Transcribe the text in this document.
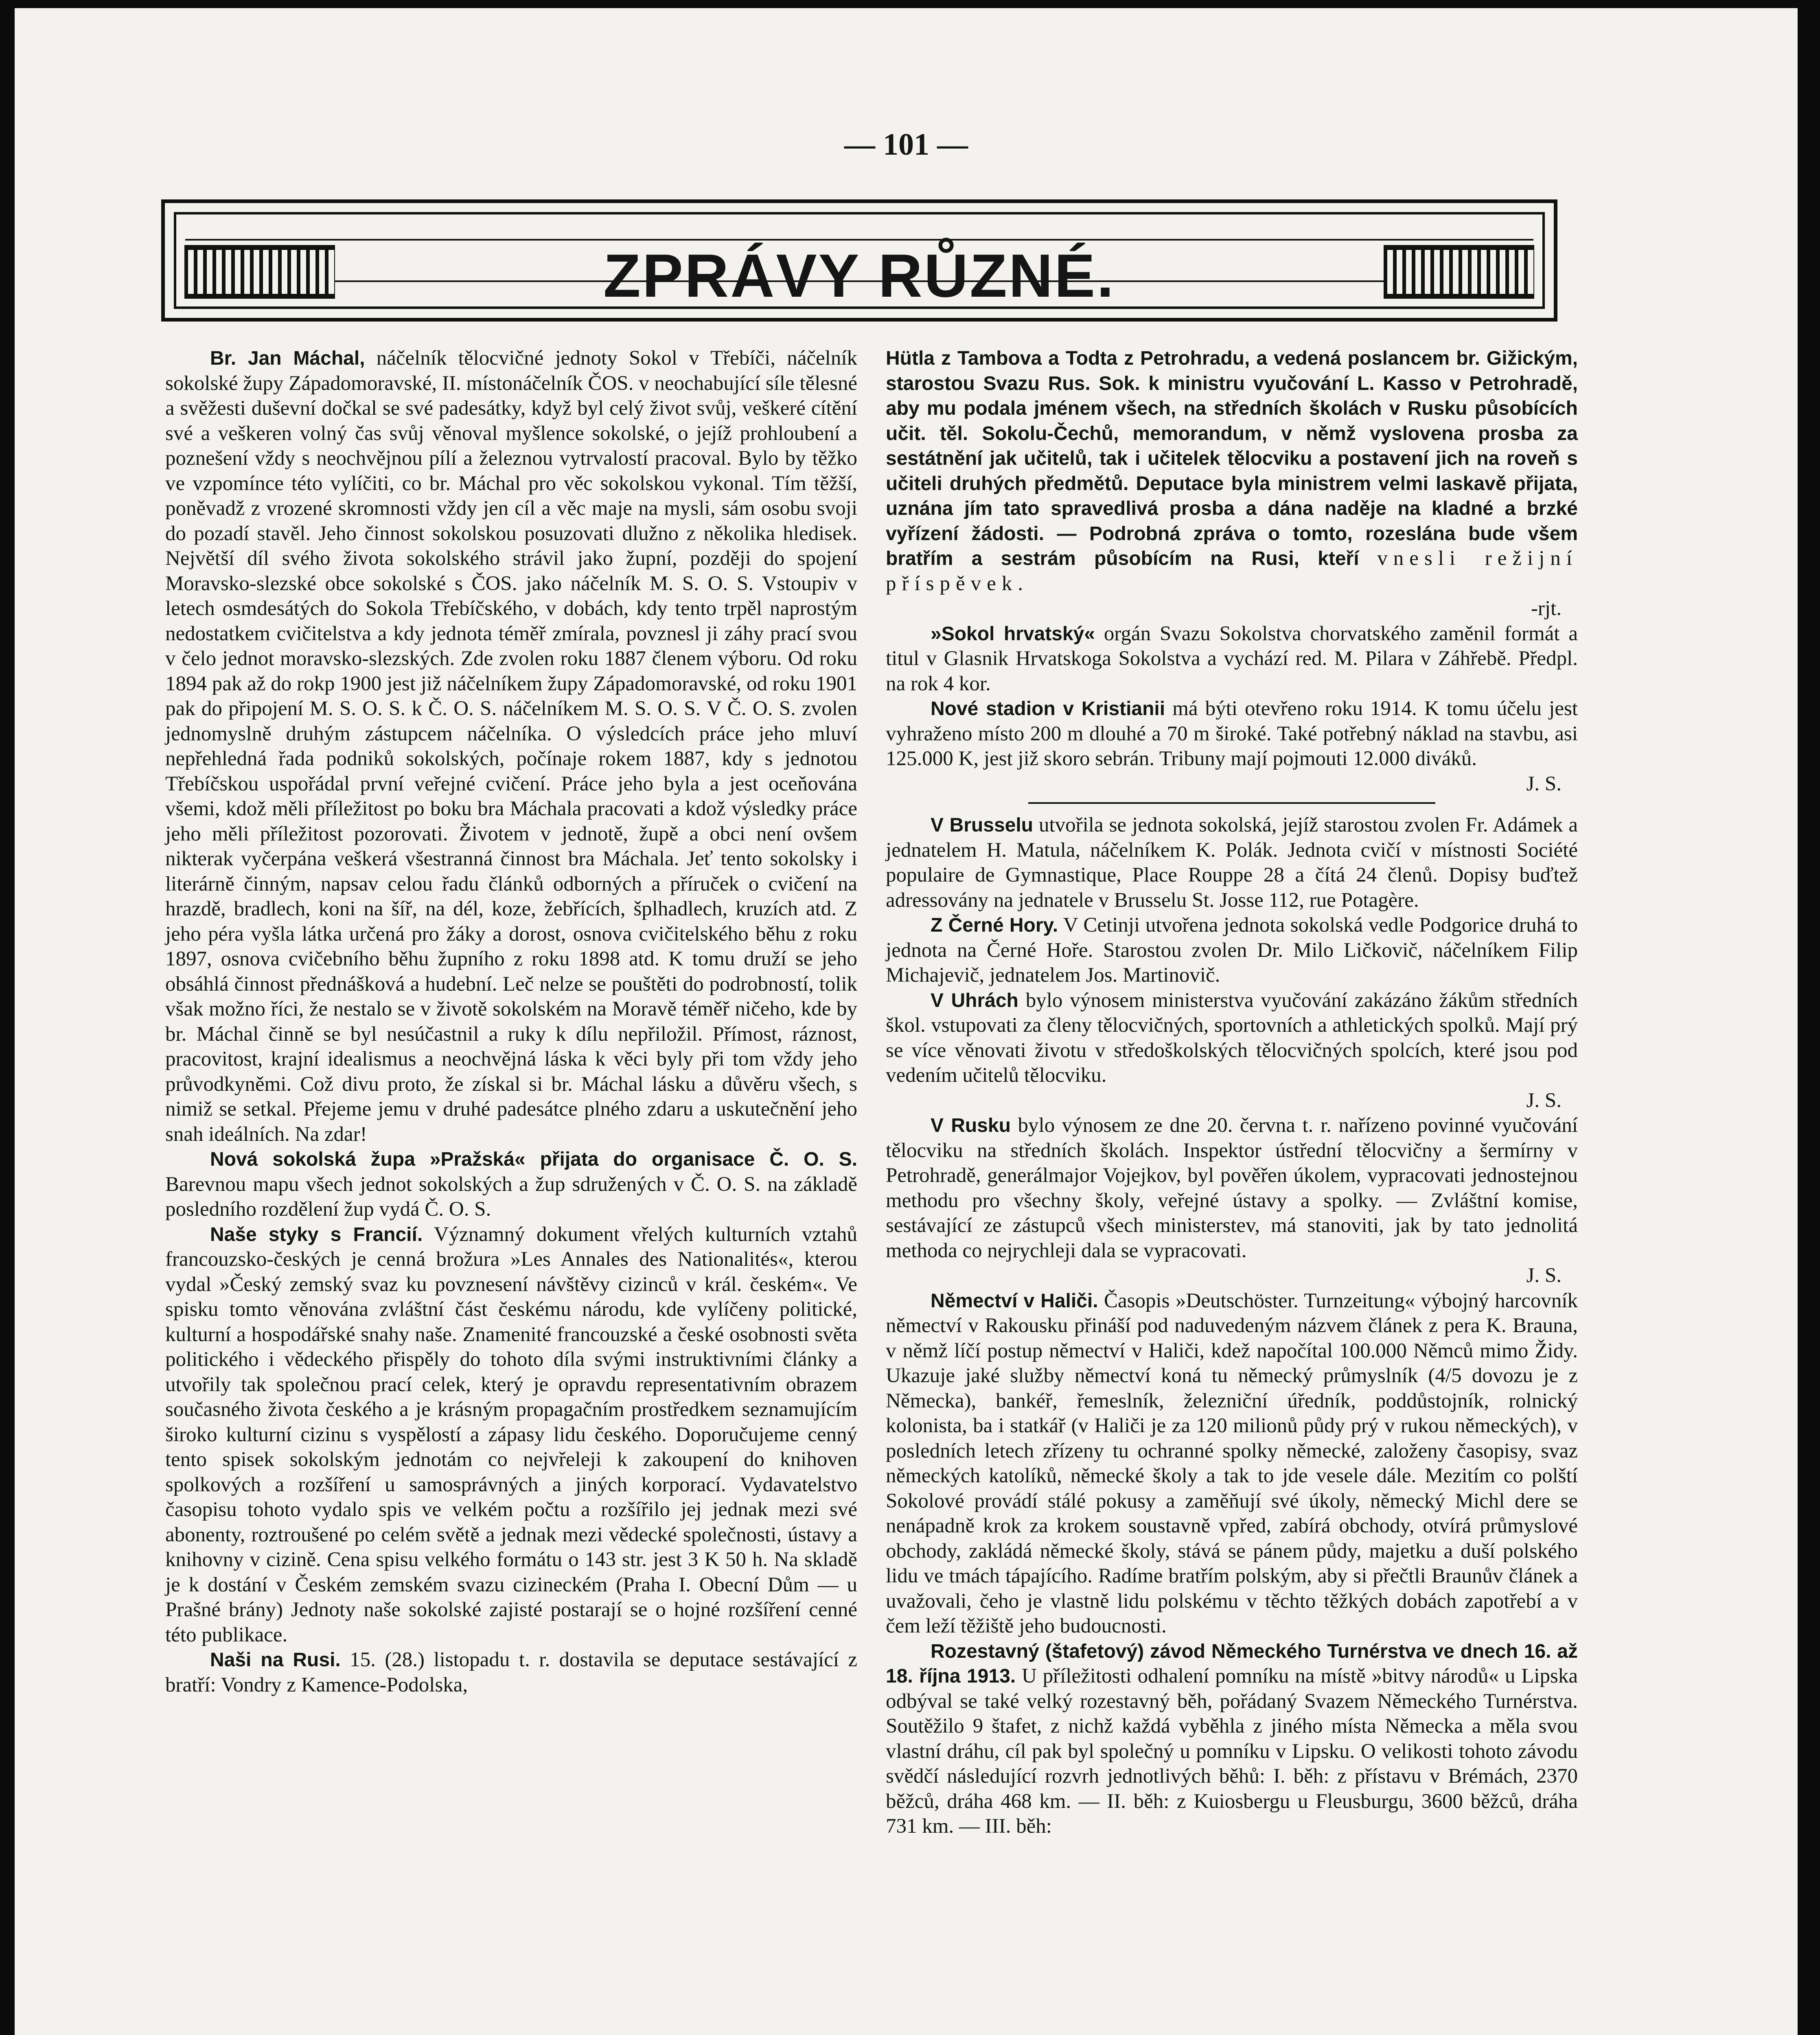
— 101 —
ZPRÁVY RŮZNÉ.

Br. Jan Máchal, náčelník tělocvičné jednoty Sokol v Třebíči, náčelník sokolské župy Západomoravské, II. místonáčelník ČOS. v neochabující síle tělesné a svěžesti duševní dočkal se své padesátky, když byl celý život svůj, veškeré cítění své a veškeren volný čas svůj věnoval myšlence sokolské, o jejíž prohloubení a poznešení vždy s neochvějnou pílí a železnou vytrvalostí pracoval. Bylo by těžko ve vzpomínce této vylíčiti, co br. Máchal pro věc sokolskou vykonal. Tím těžší, poněvadž z vrozené skromnosti vždy jen cíl a věc maje na mysli, sám osobu svoji do pozadí stavěl. Jeho činnost sokolskou posuzovati dlužno z několika hledisek. Největší díl svého života sokolského strávil jako župní, později do spojení Moravsko-slezské obce sokolské s ČOS. jako náčelník M. S. O. S. Vstoupiv v letech osmdesátých do Sokola Třebíčského, v dobách, kdy tento trpěl naprostým nedostatkem cvičitelstva a kdy jednota téměř zmírala, povznesl ji záhy prací svou v čelo jednot moravsko-slezských. Zde zvolen roku 1887 členem výboru. Od roku 1894 pak až do rokp 1900 jest již náčelníkem župy Západomoravské, od roku 1901 pak do připojení M. S. O. S. k Č. O. S. náčelníkem M. S. O. S. V Č. O. S. zvolen jednomyslně druhým zástupcem náčelníka. O výsledcích práce jeho mluví nepřehledná řada podniků sokolských, počínaje rokem 1887, kdy s jednotou Třebíčskou uspořádal první veřejné cvičení. Práce jeho byla a jest oceňována všemi, kdož měli příležitost po boku bra Máchala pracovati a kdož výsledky práce jeho měli příležitost pozorovati. Životem v jednotě, župě a obci není ovšem nikterak vyčerpána veškerá všestranná činnost bra Máchala. Jeť tento sokolsky i literárně činným, napsav celou řadu článků odborných a příruček o cvičení na hrazdě, bradlech, koni na šíř, na dél, koze, žebřících, šplhadlech, kruzích atd. Z jeho péra vyšla látka určená pro žáky a dorost, osnova cvičitelského běhu z roku 1897, osnova cvičebního běhu župního z roku 1898 atd. K tomu druží se jeho obsáhlá činnost přednášková a hudební. Leč nelze se pouštěti do podrobností, tolik však možno říci, že nestalo se v životě sokolském na Moravě téměř ničeho, kde by br. Máchal činně se byl nesúčastnil a ruky k dílu nepřiložil. Přímost, ráznost, pracovitost, krajní idealismus a neochvějná láska k věci byly při tom vždy jeho průvodkyněmi. Což divu proto, že získal si br. Máchal lásku a důvěru všech, s nimiž se setkal. Přejeme jemu v druhé padesátce plného zdaru a uskutečnění jeho snah ideálních. Na zdar!

Nová sokolská župa »Pražská« přijata do organisace Č. O. S. Barevnou mapu všech jednot sokolských a žup sdružených v Č. O. S. na základě posledního rozdělení žup vydá Č. O. S.

Naše styky s Francií. Významný dokument vřelých kulturních vztahů francouzsko-českých je cenná brožura »Les Annales des Nationalités«, kterou vydal »Český zemský svaz ku povznesení návštěvy cizinců v král. českém«. Ve spisku tomto věnována zvláštní část českému národu, kde vylíčeny politické, kulturní a hospodářské snahy naše. Znamenité francouzské a české osobnosti světa politického i vědeckého přispěly do tohoto díla svými instruktivními články a utvořily tak společnou prací celek, který je opravdu representativním obrazem současného života českého a je krásným propagačním prostředkem seznamujícím široko kulturní cizinu s vyspělostí a zápasy lidu českého. Doporučujeme cenný tento spisek sokolským jednotám co nejvřeleji k zakoupení do knihoven spolkových a rozšíření u samosprávných a jiných korporací. Vydavatelstvo časopisu tohoto vydalo spis ve velkém počtu a rozšířilo jej jednak mezi své abonenty, roztroušené po celém světě a jednak mezi vědecké společnosti, ústavy a knihovny v cizině. Cena spisu velkého formátu o 143 str. jest 3 K 50 h. Na skladě je k dostání v Českém zemském svazu cizineckém (Praha I. Obecní Dům — u Prašné brány) Jednoty naše sokolské zajisté postarají se o hojné rozšíření cenné této publikace.

Naši na Rusi. 15. (28.) listopadu t. r. dostavila se deputace sestávající z bratří: Vondry z Kamence-Podolska,

Hütla z Tambova a Todta z Petrohradu, a vedená poslancem br. Gižickým, starostou Svazu Rus. Sok. k ministru vyučování L. Kasso v Petrohradě, aby mu podala jménem všech, na středních školách v Rusku působících učit. těl. Sokolu-Čechů, memorandum, v němž vyslovena prosba za sestátnění jak učitelů, tak i učitelek tělocviku a postavení jich na roveň s učiteli druhých předmětů. Deputace byla ministrem velmi laskavě přijata, uznána jím tato spravedlivá prosba a dána naděje na kladné a brzké vyřízení žádosti. — Podrobná zpráva o tomto, rozeslána bude všem bratřím a sestrám působícím na Rusi, kteří vnesli režijní příspěvek.

-rjt.

»Sokol hrvatský« orgán Svazu Sokolstva chorvatského zaměnil formát a titul v Glasnik Hrvatskoga Sokolstva a vychází red. M. Pilara v Záhřebě. Předpl. na rok 4 kor.

Nové stadion v Kristianii má býti otevřeno roku 1914. K tomu účelu jest vyhraženo místo 200 m dlouhé a 70 m široké. Také potřebný náklad na stavbu, asi 125.000 K, jest již skoro sebrán. Tribuny mají pojmouti 12.000 diváků.

J. S.

V Brusselu utvořila se jednota sokolská, jejíž starostou zvolen Fr. Adámek a jednatelem H. Matula, náčelníkem K. Polák. Jednota cvičí v místnosti Société populaire de Gymnastique, Place Rouppe 28 a čítá 24 členů. Dopisy buďtež adressovány na jednatele v Brusselu St. Josse 112, rue Potagère.

Z Černé Hory. V Cetinji utvořena jednota sokolská vedle Podgorice druhá to jednota na Černé Hoře. Starostou zvolen Dr. Milo Ličkovič, náčelníkem Filip Michajevič, jednatelem Jos. Martinovič.

V Uhrách bylo výnosem ministerstva vyučování zakázáno žákům středních škol. vstupovati za členy tělocvičných, sportovních a athletických spolků. Mají prý se více věnovati životu v středoškolských tělocvičných spolcích, které jsou pod vedením učitelů tělocviku.

J. S.

V Rusku bylo výnosem ze dne 20. června t. r. nařízeno povinné vyučování tělocviku na středních školách. Inspektor ústřední tělocvičny a šermírny v Petrohradě, generálmajor Vojejkov, byl pověřen úkolem, vypracovati jednostejnou methodu pro všechny školy, veřejné ústavy a spolky. — Zvláštní komise, sestávající ze zástupců všech ministerstev, má stanoviti, jak by tato jednolitá methoda co nejrychleji dala se vypracovati.

J. S.

Němectví v Haliči. Časopis »Deutschöster. Turnzeitung« výbojný harcovník němectví v Rakousku přináší pod naduvedeným názvem článek z pera K. Brauna, v němž líčí postup němectví v Haliči, kdež napočítal 100.000 Němců mimo Židy. Ukazuje jaké služby němectví koná tu německý průmyslník (4/5 dovozu je z Německa), bankéř, řemeslník, železniční úředník, poddůstojník, rolnický kolonista, ba i statkář (v Haliči je za 120 milionů půdy prý v rukou německých), v posledních letech zřízeny tu ochranné spolky německé, založeny časopisy, svaz německých katolíků, německé školy a tak to jde vesele dále. Mezitím co polští Sokolové provádí stálé pokusy a zaměňují své úkoly, německý Michl dere se nenápadně krok za krokem soustavně vpřed, zabírá obchody, otvírá průmyslové obchody, zakládá německé školy, stává se pánem půdy, majetku a duší polského lidu ve tmách tápajícího. Radíme bratřím polským, aby si přečtli Braunův článek a uvažovali, čeho je vlastně lidu polskému v těchto těžkých dobách zapotřebí a v čem leží těžiště jeho budoucnosti.

Rozestavný (štafetový) závod Německého Turnérstva ve dnech 16. až 18. října 1913. U příležitosti odhalení pomníku na místě »bitvy národů« u Lipska odbýval se také velký rozestavný běh, pořádaný Svazem Německého Turnérstva. Soutěžilo 9 štafet, z nichž každá vyběhla z jiného místa Německa a měla svou vlastní dráhu, cíl pak byl společný u pomníku v Lipsku. O velikosti tohoto závodu svědčí následující rozvrh jednotlivých běhů: I. běh: z přístavu v Brémách, 2370 běžců, dráha 468 km. — II. běh: z Kuiosbergu u Fleusburgu, 3600 běžců, dráha 731 km. — III. běh:
